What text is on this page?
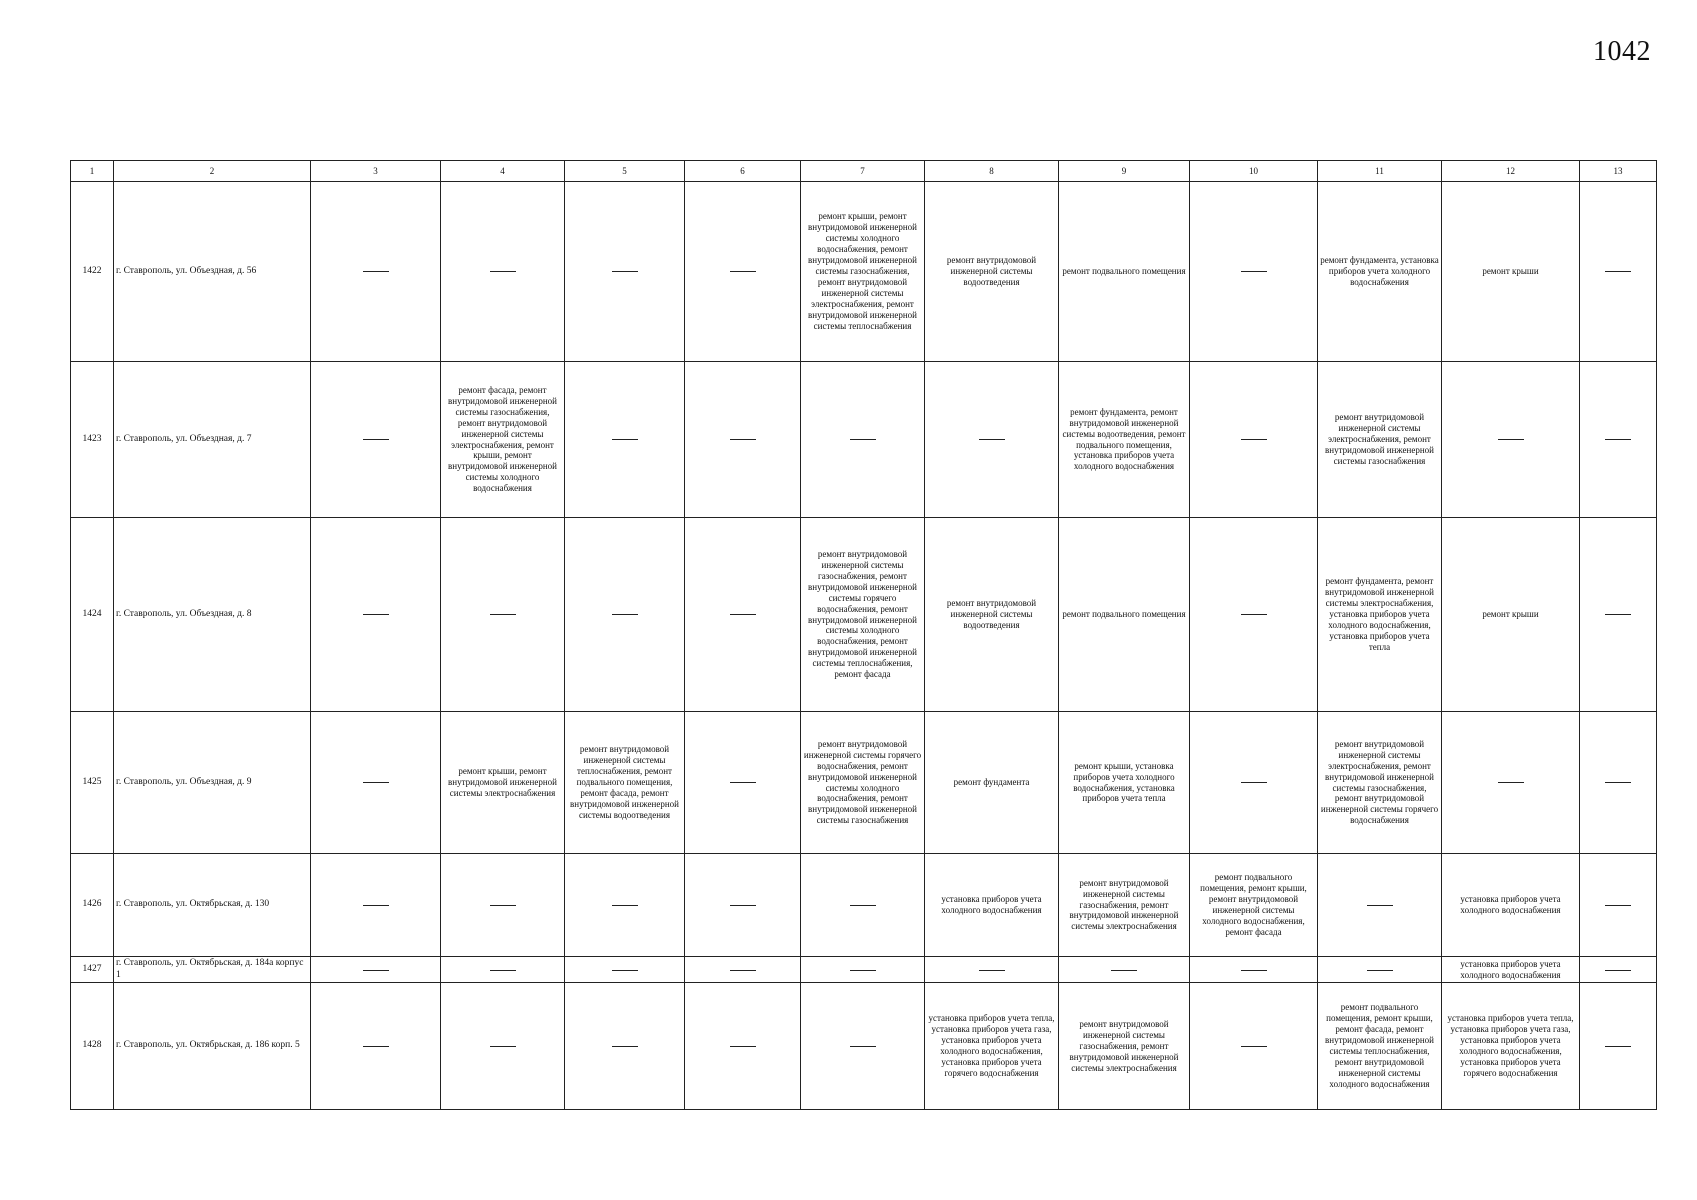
1042
1	2	3	4	5	6	7	8	9	10	11	12	13
1422	г. Ставрополь, ул. Объездная, д. 56					ремонт крыши, ремонт внутридомовой инженерной системы холодного водоснабжения, ремонт внутридомовой инженерной системы газоснабжения, ремонт внутридомовой инженерной системы электроснабжения, ремонт внутридомовой инженерной системы теплоснабжения	ремонт внутридомовой инженерной системы водоотведения	ремонт подвального помещения		ремонт фундамента, установка приборов учета холодного водоснабжения	ремонт крыши	
1423	г. Ставрополь, ул. Объездная, д. 7		ремонт фасада, ремонт внутридомовой инженерной системы газоснабжения, ремонт внутридомовой инженерной системы электроснабжения, ремонт крыши, ремонт внутридомовой инженерной системы холодного водоснабжения					ремонт фундамента, ремонт внутридомовой инженерной системы водоотведения, ремонт подвального помещения, установка приборов учета холодного водоснабжения		ремонт внутридомовой инженерной системы электроснабжения, ремонт внутридомовой инженерной системы газоснабжения		
1424	г. Ставрополь, ул. Объездная, д. 8					ремонт внутридомовой инженерной системы газоснабжения, ремонт внутридомовой инженерной системы горячего водоснабжения, ремонт внутридомовой инженерной системы холодного водоснабжения, ремонт внутридомовой инженерной системы теплоснабжения, ремонт фасада	ремонт внутридомовой инженерной системы водоотведения	ремонт подвального помещения		ремонт фундамента, ремонт внутридомовой инженерной системы электроснабжения, установка приборов учета холодного водоснабжения, установка приборов учета тепла	ремонт крыши	
1425	г. Ставрополь, ул. Объездная, д. 9		ремонт крыши, ремонт внутридомовой инженерной системы электроснабжения	ремонт внутридомовой инженерной системы теплоснабжения, ремонт подвального помещения, ремонт фасада, ремонт внутридомовой инженерной системы водоотведения		ремонт внутридомовой инженерной системы горячего водоснабжения, ремонт внутридомовой инженерной системы холодного водоснабжения, ремонт внутридомовой инженерной системы газоснабжения	ремонт фундамента	ремонт крыши, установка приборов учета холодного водоснабжения, установка приборов учета тепла		ремонт внутридомовой инженерной системы электроснабжения, ремонт внутридомовой инженерной системы газоснабжения, ремонт внутридомовой инженерной системы горячего водоснабжения		
1426	г. Ставрополь, ул. Октябрьская, д. 130						установка приборов учета холодного водоснабжения	ремонт внутридомовой инженерной системы газоснабжения, ремонт внутридомовой инженерной системы электроснабжения	ремонт подвального помещения, ремонт крыши, ремонт внутридомовой инженерной системы холодного водоснабжения, ремонт фасада		установка приборов учета холодного водоснабжения	
1427	г. Ставрополь, ул. Октябрьская, д. 184а корпус 1										установка приборов учета холодного водоснабжения	
1428	г. Ставрополь, ул. Октябрьская, д. 186 корп. 5						установка приборов учета тепла, установка приборов учета газа, установка приборов учета холодного водоснабжения, установка приборов учета горячего водоснабжения	ремонт внутридомовой инженерной системы газоснабжения, ремонт внутридомовой инженерной системы электроснабжения		ремонт подвального помещения, ремонт крыши, ремонт фасада, ремонт внутридомовой инженерной системы теплоснабжения, ремонт внутридомовой инженерной системы холодного водоснабжения	установка приборов учета тепла, установка приборов учета газа, установка приборов учета холодного водоснабжения, установка приборов учета горячего водоснабжения	
